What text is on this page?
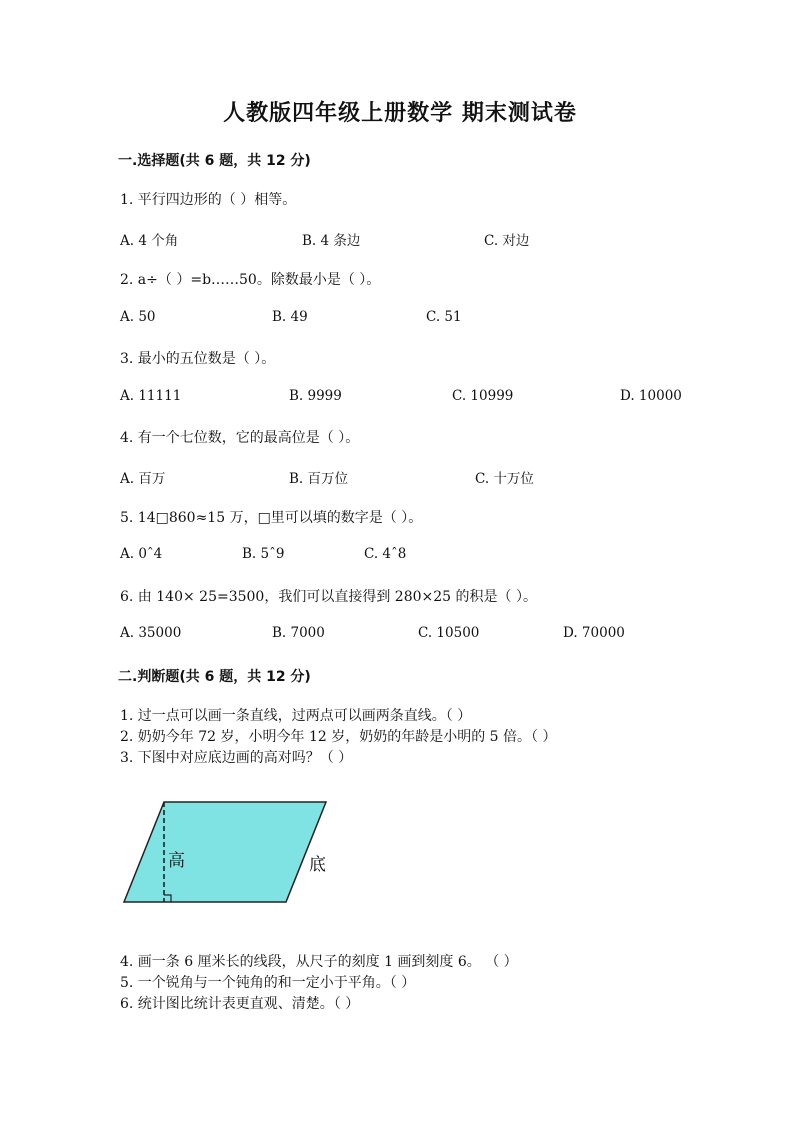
人教版四年级上册数学 期末测试卷
一.选择题(共 6 题，共 12 分)
1. 平行四边形的（ ）相等。
A. 4 个角	B. 4 条边	C. 对边
2. a÷（ ）=b……50。除数最小是（ ）。
A. 50	B. 49	C. 51
3. 最小的五位数是（ ）。
A. 11111	B. 9999	C. 10999	D. 10000
4. 有一个七位数，它的最高位是（ ）。
A. 百万	B. 百万位	C. 十万位
5. 14□860≈15 万，□里可以填的数字是（ ）。
A. 0ˆ4	B. 5ˆ9	C. 4ˆ8
6. 由 140× 25=3500，我们可以直接得到 280×25 的积是（ ）。
A. 35000	B. 7000	C. 10500	D. 70000
二.判断题(共 6 题，共 12 分)
1. 过一点可以画一条直线，过两点可以画两条直线。（ ）
2. 奶奶今年 72 岁，小明今年 12 岁，奶奶的年龄是小明的 5 倍。（ ）
3. 下图中对应底边画的高对吗？（ ）
高	底
4. 画一条 6 厘米长的线段，从尺子的刻度 1 画到刻度 6。 （ ）
5. 一个锐角与一个钝角的和一定小于平角。（ ）
6. 统计图比统计表更直观、清楚。（ ）
